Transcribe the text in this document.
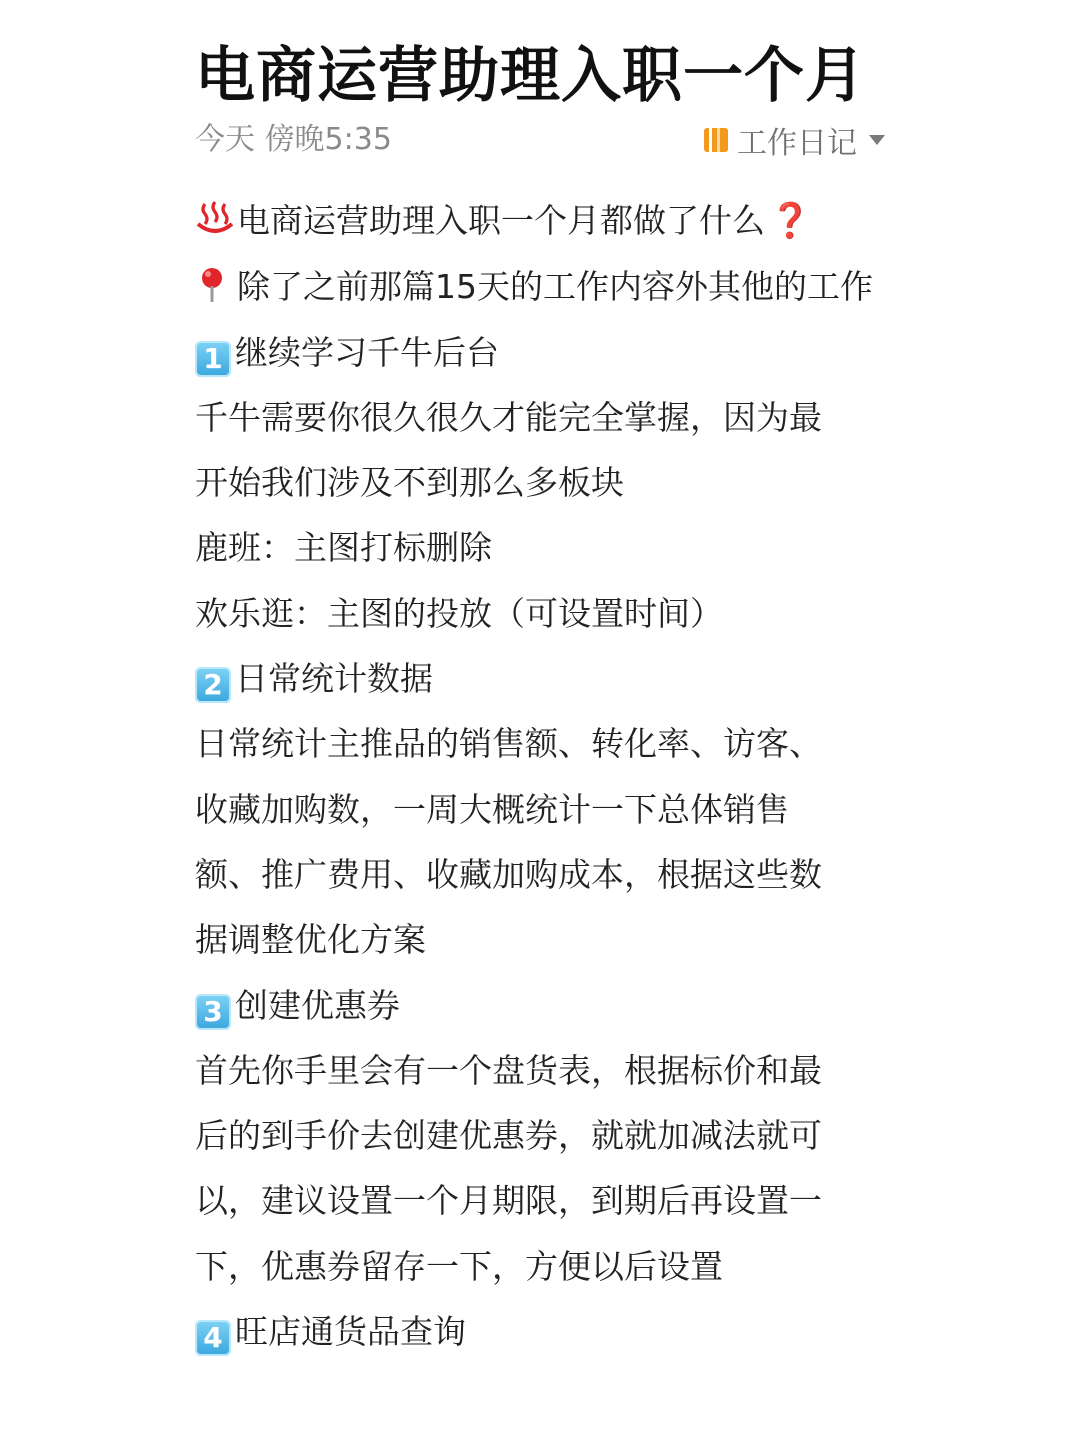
电商运营助理入职一个月
今天 傍晚5:35	工作日记
电商运营助理入职一个月都做了什么 ❓
除了之前那篇15天的工作内容外其他的工作
1 继续学习千牛后台
千牛需要你很久很久才能完全掌握，因为最
开始我们涉及不到那么多板块
鹿班：主图打标删除
欢乐逛：主图的投放（可设置时间）
2 日常统计数据
日常统计主推品的销售额、转化率、访客、
收藏加购数，一周大概统计一下总体销售
额、推广费用、收藏加购成本，根据这些数
据调整优化方案
3 创建优惠券
首先你手里会有一个盘货表，根据标价和最
后的到手价去创建优惠券，就就加减法就可
以，建议设置一个月期限，到期后再设置一
下，优惠券留存一下，方便以后设置
4 旺店通货品查询
